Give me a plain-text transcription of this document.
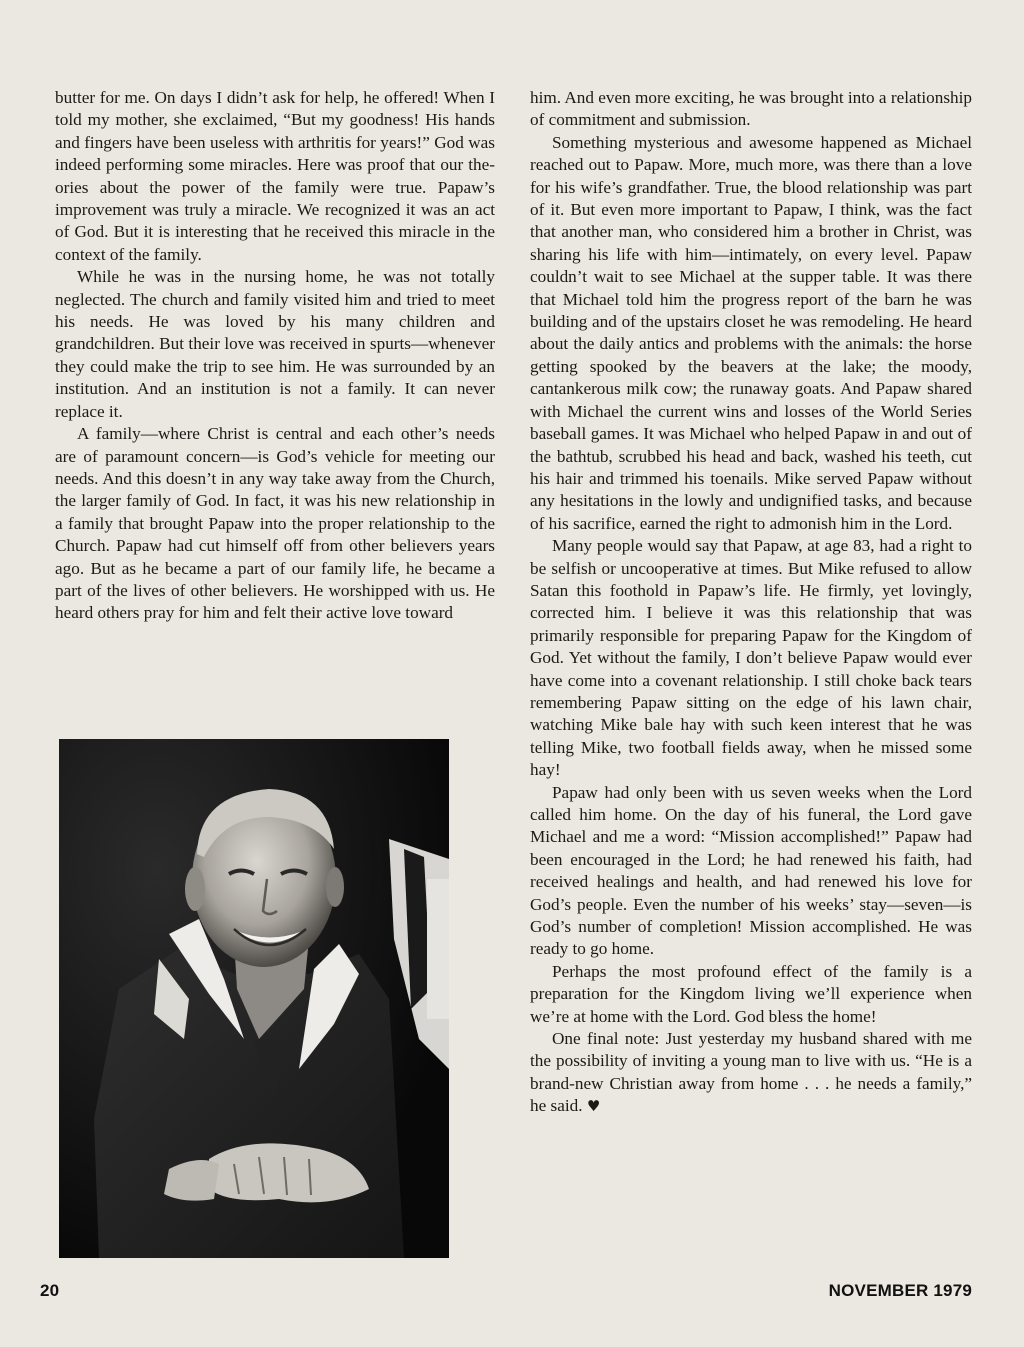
butter for me. On days I didn’t ask for help, he offered! When I told my mother, she exclaimed, “But my goodness! His hands and fingers have been useless with arthritis for years!” God was indeed performing some miracles. Here was proof that our theories about the power of the family were true. Papaw’s improvement was truly a miracle. We recognized it was an act of God. But it is interesting that he received this miracle in the context of the family.

While he was in the nursing home, he was not totally neglected. The church and family visited him and tried to meet his needs. He was loved by his many children and grandchildren. But their love was received in spurts—whenever they could make the trip to see him. He was surrounded by an institution. And an institution is not a family. It can never replace it.

A family—where Christ is central and each other’s needs are of paramount concern—is God’s vehicle for meeting our needs. And this doesn’t in any way take away from the Church, the larger family of God. In fact, it was his new relationship in a family that brought Papaw into the proper relationship to the Church. Papaw had cut himself off from other believers years ago. But as he became a part of our family life, he became a part of the lives of other believers. He worshipped with us. He heard others pray for him and felt their active love toward

him. And even more exciting, he was brought into a relationship of commitment and submission.

Something mysterious and awesome happened as Michael reached out to Papaw. More, much more, was there than a love for his wife’s grandfather. True, the blood relationship was part of it. But even more important to Papaw, I think, was the fact that another man, who considered him a brother in Christ, was sharing his life with him—intimately, on every level. Papaw couldn’t wait to see Michael at the supper table. It was there that Michael told him the progress report of the barn he was building and of the upstairs closet he was remodeling. He heard about the daily antics and problems with the animals: the horse getting spooked by the beavers at the lake; the moody, cantankerous milk cow; the runaway goats. And Papaw shared with Michael the current wins and losses of the World Series baseball games. It was Michael who helped Papaw in and out of the bathtub, scrubbed his head and back, washed his teeth, cut his hair and trimmed his toenails. Mike served Papaw without any hesitations in the lowly and undignified tasks, and because of his sacrifice, earned the right to admonish him in the Lord.

Many people would say that Papaw, at age 83, had a right to be selfish or uncooperative at times. But Mike refused to allow Satan this foothold in Papaw’s life. He firmly, yet lovingly, corrected him. I believe it was this relationship that was primarily responsible for preparing Papaw for the Kingdom of God. Yet without the family, I don’t believe Papaw would ever have come into a covenant relationship. I still choke back tears remembering Papaw sitting on the edge of his lawn chair, watching Mike bale hay with such keen interest that he was telling Mike, two football fields away, when he missed some hay!

Papaw had only been with us seven weeks when the Lord called him home. On the day of his funeral, the Lord gave Michael and me a word: “Mission accomplished!” Papaw had been encouraged in the Lord; he had renewed his faith, had received healings and health, and had renewed his love for God’s people. Even the number of his weeks’ stay—seven—is God’s number of completion! Mission accomplished. He was ready to go home.

Perhaps the most profound effect of the family is a preparation for the Kingdom living we’ll experience when we’re at home with the Lord. God bless the home!

One final note: Just yesterday my husband shared with me the possibility of inviting a young man to live with us. “He is a brand-new Christian away from home . . . he needs a family,” he said. ♥

20	NOVEMBER 1979
